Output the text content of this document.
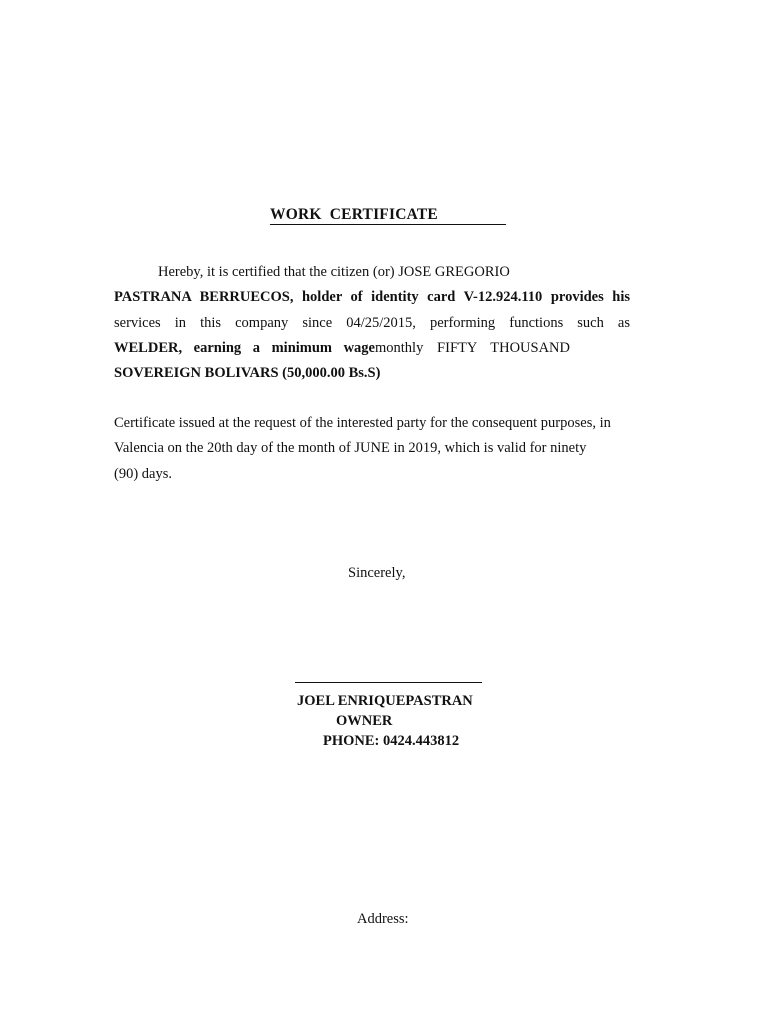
WORK  CERTIFICATE
Hereby, it is certified that the citizen (or) JOSE GREGORIO
PASTRANA BERRUECOS, holder of identity card V-12.924.110 provides his
services in this company since 04/25/2015, performing functions such as
WELDER, earning a minimum wagemonthly FIFTY THOUSAND
SOVEREIGN BOLIVARS (50,000.00 Bs.S)
Certificate issued at the request of the interested party for the consequent purposes, in
Valencia on the 20th day of the month of JUNE in 2019, which is valid for ninety
(90) days.
Sincerely,
JOEL ENRIQUEPASTRAN
OWNER
PHONE: 0424.443812
Address:
